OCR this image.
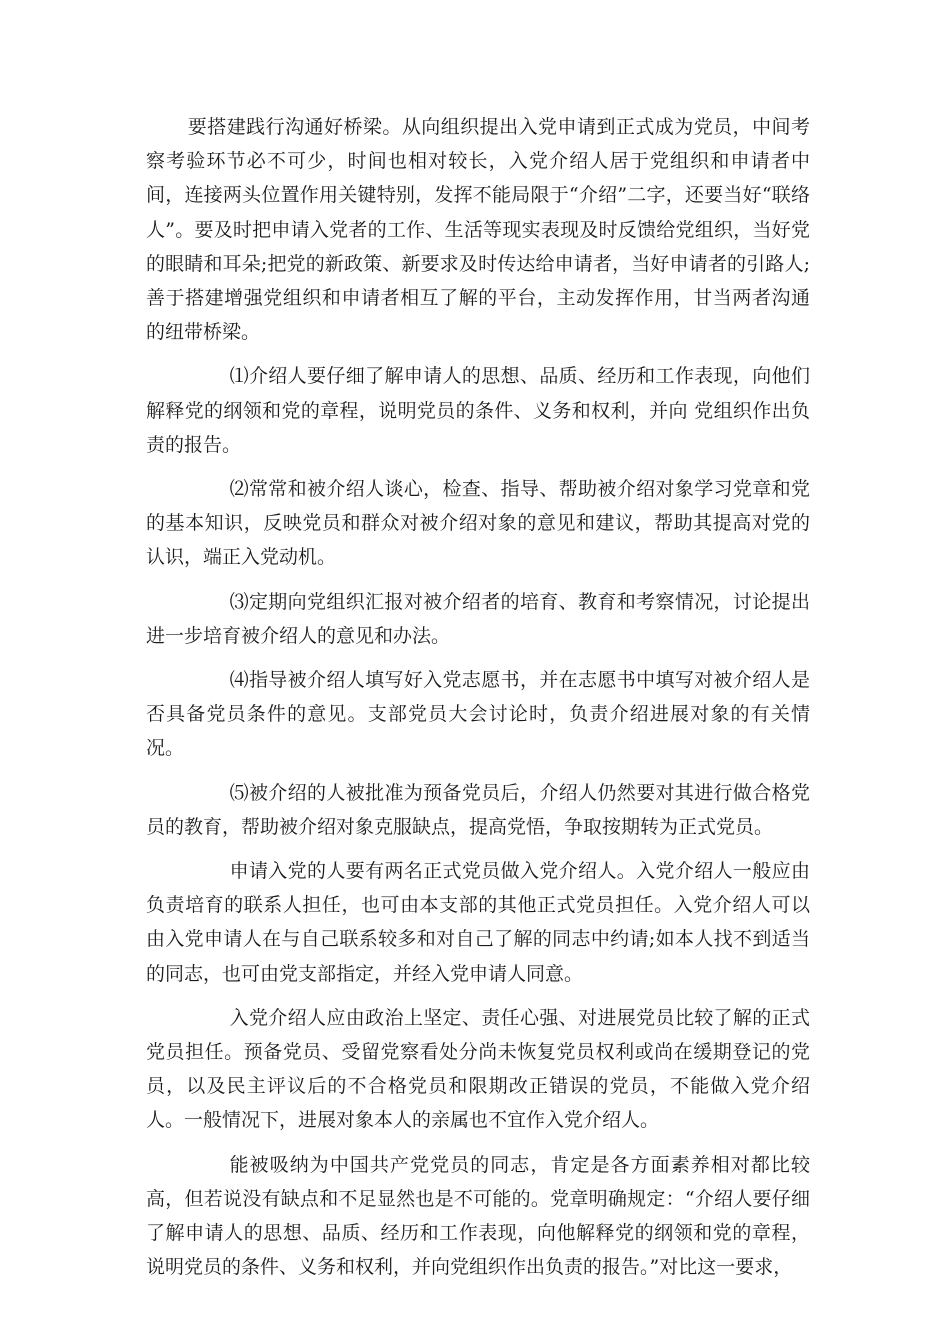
要搭建践行沟通好桥梁。从向组织提出入党申请到正式成为党员，中间考察考验环节必不可少，时间也相对较长，入党介绍人居于党组织和申请者中间，连接两头位置作用关键特别，发挥不能局限于“介绍”二字，还要当好“联络人”。要及时把申请入党者的工作、生活等现实表现及时反馈给党组织，当好党的眼睛和耳朵;把党的新政策、新要求及时传达给申请者，当好申请者的引路人;善于搭建增强党组织和申请者相互了解的平台，主动发挥作用，甘当两者沟通的纽带桥梁。

⑴介绍人要仔细了解申请人的思想、品质、经历和工作表现，向他们解释党的纲领和党的章程，说明党员的条件、义务和权利，并向 党组织作出负责的报告。

⑵常常和被介绍人谈心，检查、指导、帮助被介绍对象学习党章和党的基本知识，反映党员和群众对被介绍对象的意见和建议，帮助其提高对党的认识，端正入党动机。

⑶定期向党组织汇报对被介绍者的培育、教育和考察情况，讨论提出进一步培育被介绍人的意见和办法。

⑷指导被介绍人填写好入党志愿书，并在志愿书中填写对被介绍人是否具备党员条件的意见。支部党员大会讨论时，负责介绍进展对象的有关情况。

⑸被介绍的人被批准为预备党员后，介绍人仍然要对其进行做合格党员的教育，帮助被介绍对象克服缺点，提高党悟，争取按期转为正式党员。

申请入党的人要有两名正式党员做入党介绍人。入党介绍人一般应由负责培育的联系人担任，也可由本支部的其他正式党员担任。入党介绍人可以由入党申请人在与自己联系较多和对自己了解的同志中约请;如本人找不到适当的同志，也可由党支部指定，并经入党申请人同意。

入党介绍人应由政治上坚定、责任心强、对进展党员比较了解的正式党员担任。预备党员、受留党察看处分尚未恢复党员权利或尚在缓期登记的党员，以及民主评议后的不合格党员和限期改正错误的党员，不能做入党介绍人。一般情况下，进展对象本人的亲属也不宜作入党介绍人。

能被吸纳为中国共产党党员的同志，肯定是各方面素养相对都比较高，但若说没有缺点和不足显然也是不可能的。党章明确规定：“介绍人要仔细了解申请人的思想、品质、经历和工作表现，向他解释党的纲领和党的章程，说明党员的条件、义务和权利，并向党组织作出负责的报告。”对比这一要求，
